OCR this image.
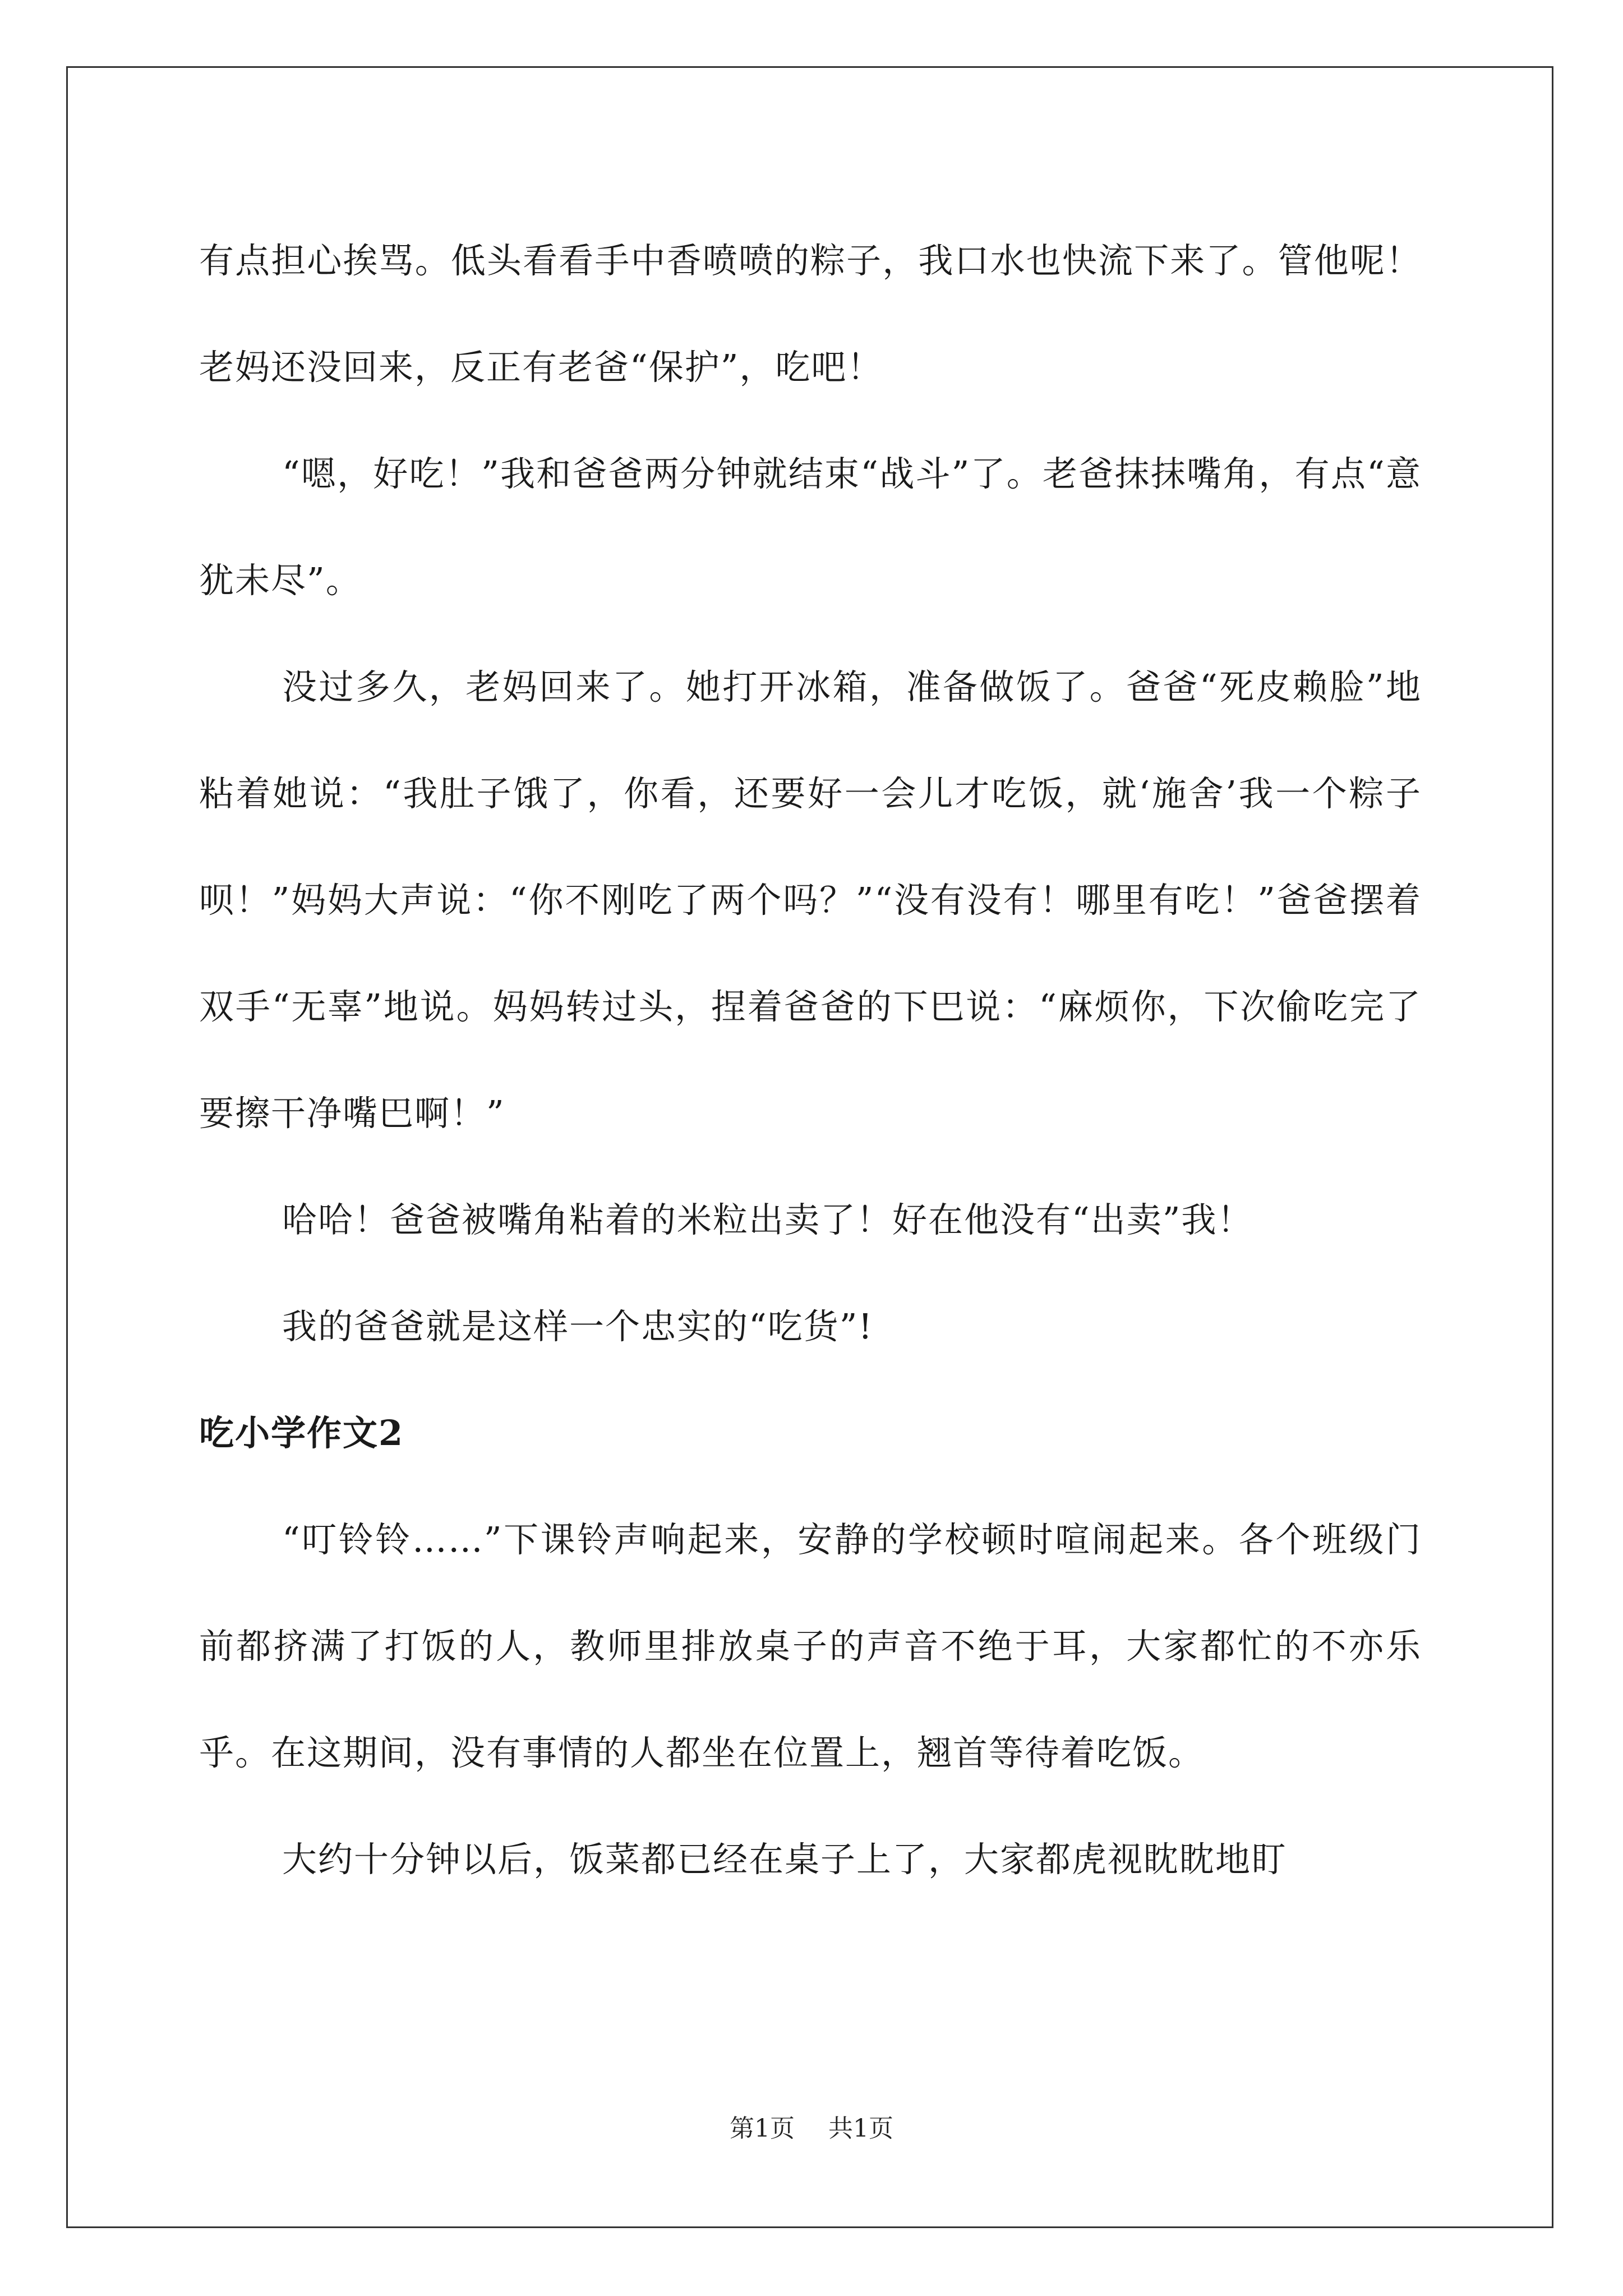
有点担心挨骂。低头看看手中香喷喷的粽子，我口水也快流下来了。管他呢！老妈还没回来，反正有老爸“保护”，吃吧！

“嗯，好吃！”我和爸爸两分钟就结束“战斗”了。老爸抹抹嘴角，有点“意犹未尽”。

没过多久，老妈回来了。她打开冰箱，准备做饭了。爸爸“死皮赖脸”地粘着她说：“我肚子饿了，你看，还要好一会儿才吃饭，就‘施舍’我一个粽子呗！”妈妈大声说：“你不刚吃了两个吗？”“没有没有！哪里有吃！”爸爸摆着双手“无辜”地说。妈妈转过头，捏着爸爸的下巴说：“麻烦你，下次偷吃完了要擦干净嘴巴啊！”

哈哈！爸爸被嘴角粘着的米粒出卖了！好在他没有“出卖”我！

我的爸爸就是这样一个忠实的“吃货”!

吃小学作文2

“叮铃铃……”下课铃声响起来，安静的学校顿时喧闹起来。各个班级门前都挤满了打饭的人，教师里排放桌子的声音不绝于耳，大家都忙的不亦乐乎。在这期间，没有事情的人都坐在位置上，翘首等待着吃饭。

大约十分钟以后，饭菜都已经在桌子上了，大家都虎视眈眈地盯

第1页 共1页
